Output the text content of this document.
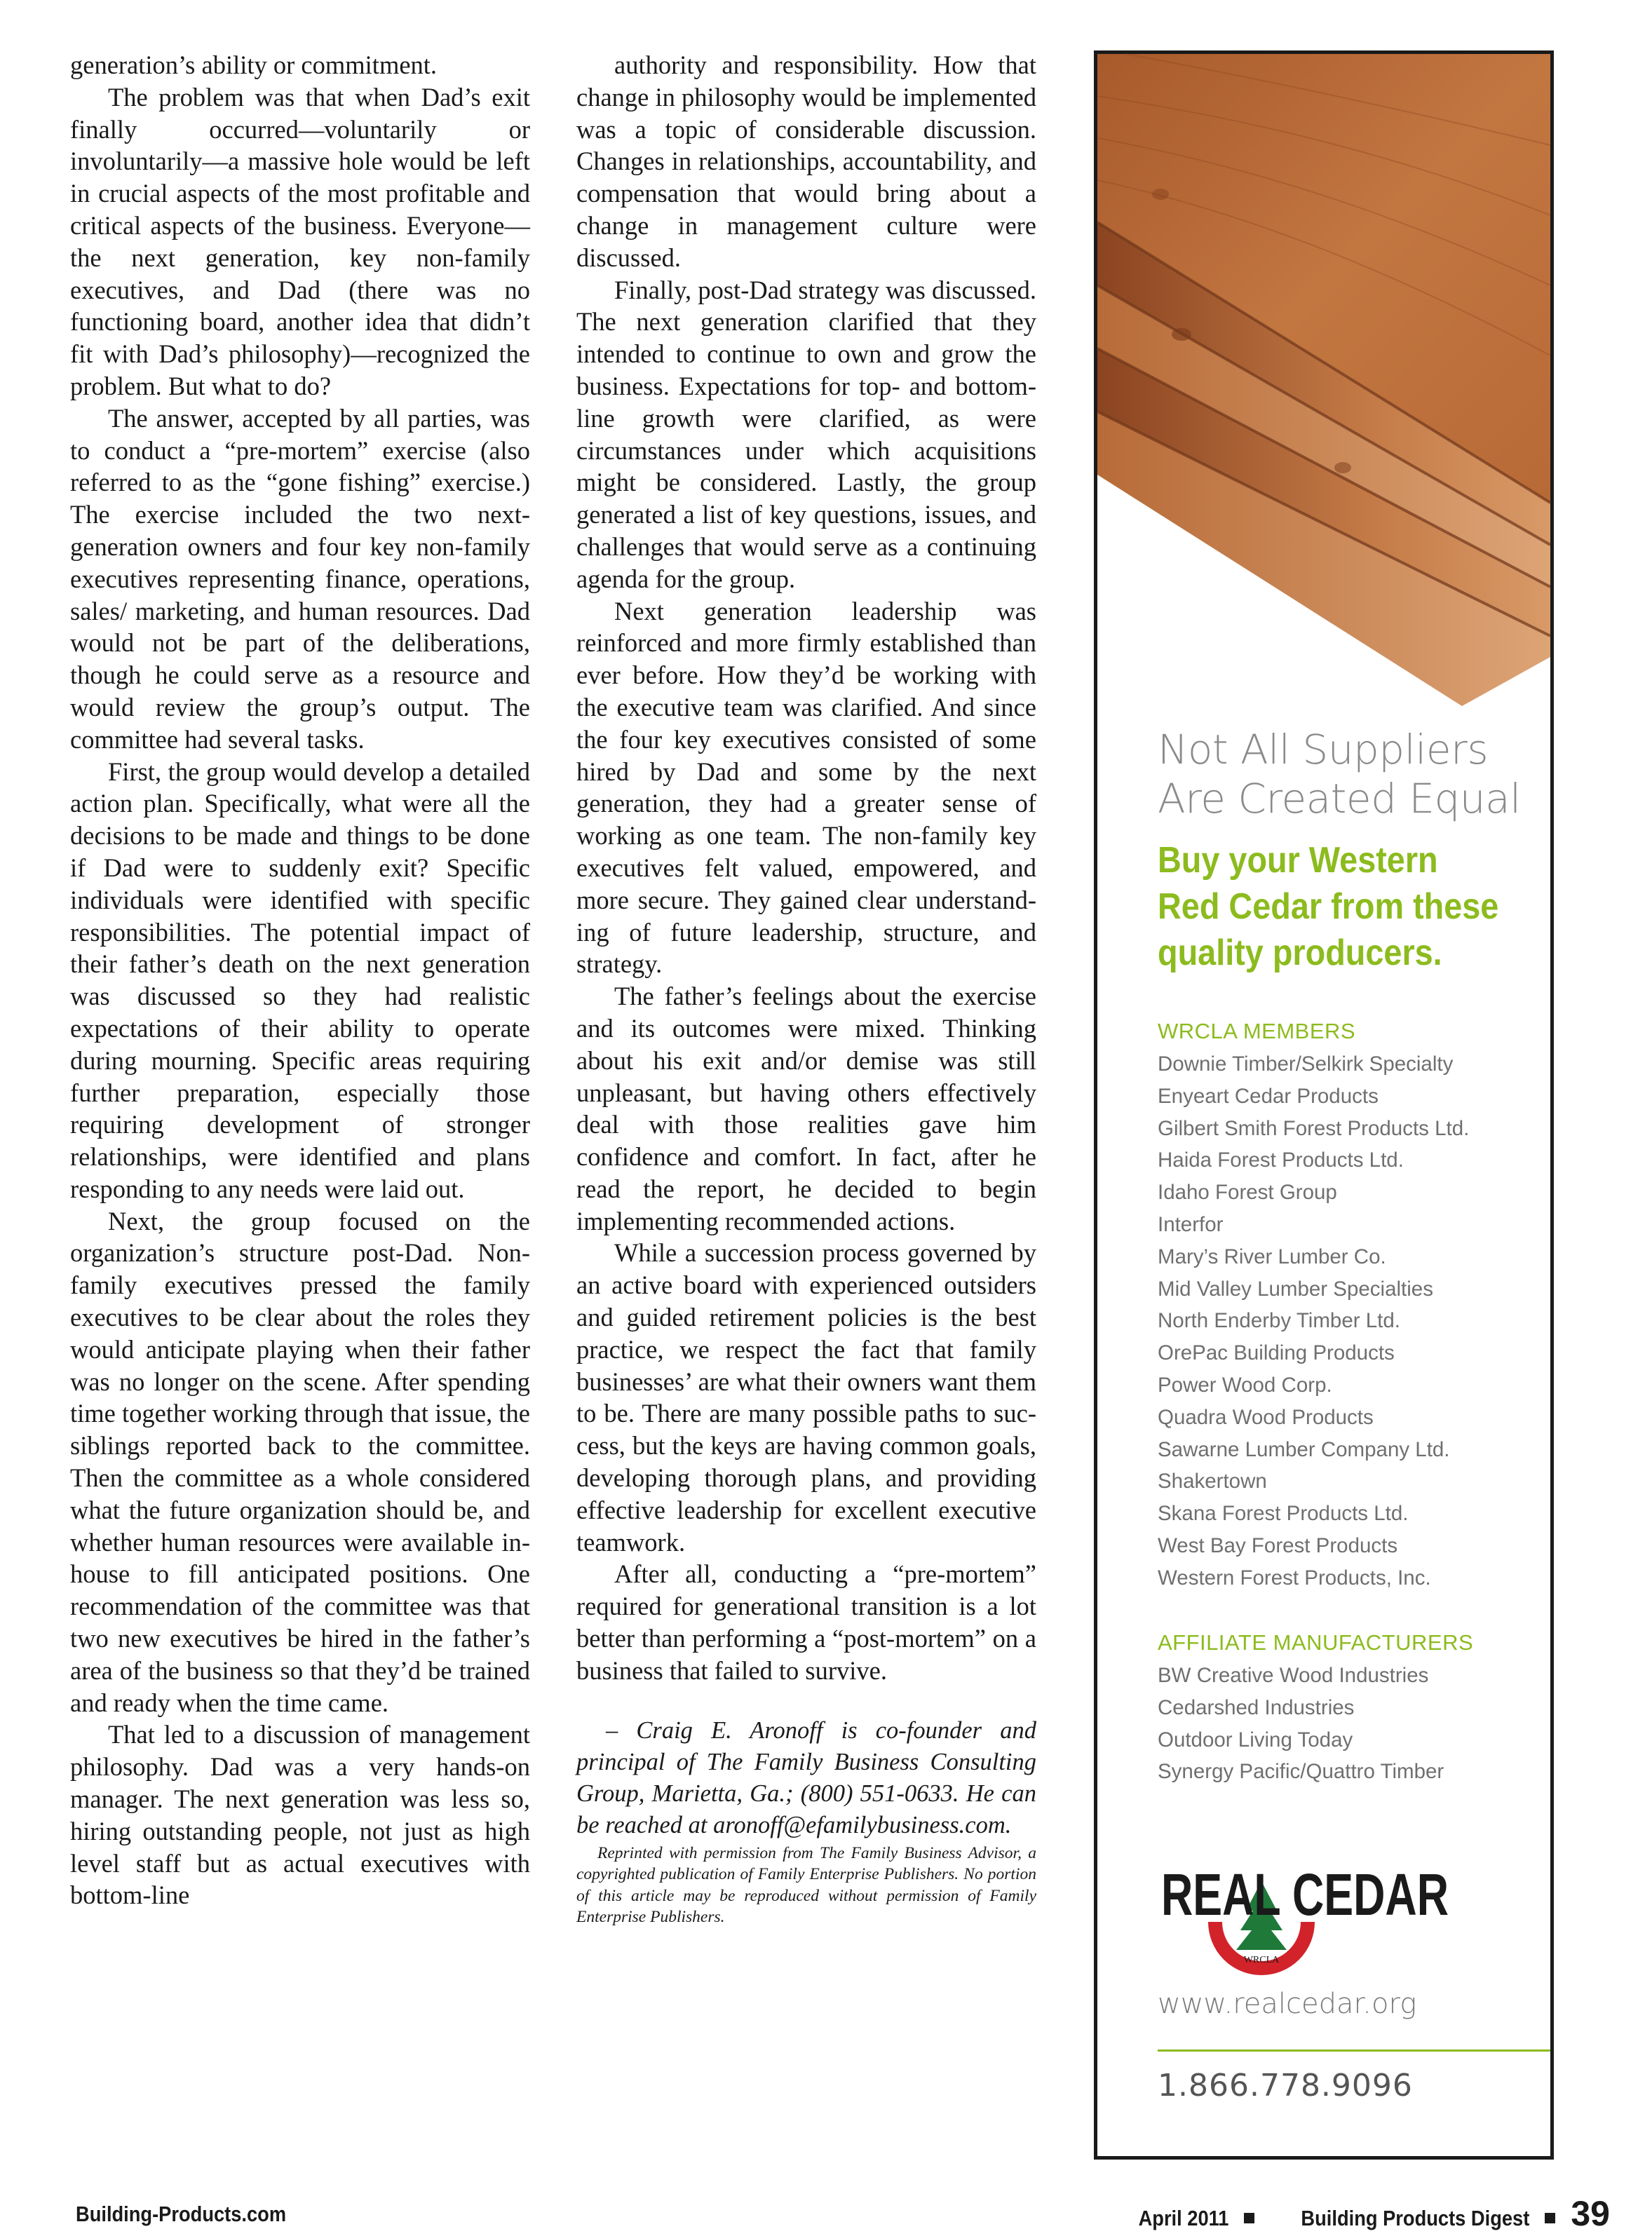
generation’s ability or commitment.

The problem was that when Dad’s exit finally occurred—voluntarily or involuntarily—a massive hole would be left in crucial aspects of the most profitable and critical aspects of the business. Everyone—the next generation, key non-family executives, and Dad (there was no functioning board, another idea that didn’t fit with Dad’s philosophy)—recognized the problem. But what to do?

The answer, accepted by all parties, was to conduct a “pre-mortem” exercise (also referred to as the “gone fishing” exercise.) The exercise included the two next-generation owners and four key non-family executives representing finance, operations, sales/ marketing, and human resources. Dad would not be part of the deliberations, though he could serve as a resource and would review the group’s output. The committee had several tasks.

First, the group would develop a detailed action plan. Specifically, what were all the decisions to be made and things to be done if Dad were to suddenly exit? Specific individuals were identified with specific responsibilities. The potential impact of their father’s death on the next generation was discussed so they had realistic expectations of their ability to operate during mourning. Specific areas requiring further preparation, especially those requiring development of stronger relationships, were identified and plans responding to any needs were laid out.

Next, the group focused on the organization’s structure post-Dad. Non-family executives pressed the family executives to be clear about the roles they would anticipate playing when their father was no longer on the scene. After spending time together working through that issue, the siblings reported back to the committee. Then the committee as a whole considered what the future organization should be, and whether human resources were available in-house to fill anticipated positions. One recommendation of the committee was that two new executives be hired in the father’s area of the business so that they’d be trained and ready when the time came.

That led to a discussion of management philosophy. Dad was a very hands-on manager. The next generation was less so, hiring outstanding people, not just as high level staff but as actual executives with bottom-line

authority and responsibility. How that change in philosophy would be implemented was a topic of considerable discussion. Changes in relationships, accountability, and compensation that would bring about a change in management culture were discussed.

Finally, post-Dad strategy was discussed. The next generation clarified that they intended to continue to own and grow the business. Expectations for top- and bottom-line growth were clarified, as were circumstances under which acquisitions might be considered. Lastly, the group generated a list of key questions, issues, and challenges that would serve as a continuing agenda for the group.

Next generation leadership was reinforced and more firmly established than ever before. How they’d be working with the executive team was clarified. And since the four key executives consisted of some hired by Dad and some by the next generation, they had a greater sense of working as one team. The non-family key executives felt valued, empowered, and more secure. They gained clear understanding of future leadership, structure, and strategy.

The father’s feelings about the exercise and its outcomes were mixed. Thinking about his exit and/or demise was still unpleasant, but having others effectively deal with those realities gave him confidence and comfort. In fact, after he read the report, he decided to begin implementing recommended actions.

While a succession process governed by an active board with experienced outsiders and guided retirement policies is the best practice, we respect the fact that family businesses’ are what their owners want them to be. There are many possible paths to success, but the keys are having common goals, developing thorough plans, and providing effective leadership for excellent executive teamwork.

After all, conducting a “pre-mortem” required for generational transition is a lot better than performing a “post-mortem” on a business that failed to survive.

– Craig E. Aronoff is co-founder and principal of The Family Business Consulting Group, Marietta, Ga.; (800) 551-0633. He can be reached at aronoff@efamilybusiness.com.

Reprinted with permission from The Family Business Advisor, a copyrighted publication of Family Enterprise Publishers. No portion of this article may be reproduced without permission of Family Enterprise Publishers.

Not All Suppliers
Are Created Equal
Buy your Western
Red Cedar from these
quality producers.
WRCLA MEMBERS
Downie Timber/Selkirk Specialty
Enyeart Cedar Products
Gilbert Smith Forest Products Ltd.
Haida Forest Products Ltd.
Idaho Forest Group
Interfor
Mary’s River Lumber Co.
Mid Valley Lumber Specialties
North Enderby Timber Ltd.
OrePac Building Products
Power Wood Corp.
Quadra Wood Products
Sawarne Lumber Company Ltd.
Shakertown
Skana Forest Products Ltd.
West Bay Forest Products
Western Forest Products, Inc.
AFFILIATE MANUFACTURERS
BW Creative Wood Industries
Cedarshed Industries
Outdoor Living Today
Synergy Pacific/Quattro Timber
REAL CEDAR
WRCLA
www.realcedar.org
1.866.778.9096
Building-Products.com	April 2011	Building Products Digest 39
